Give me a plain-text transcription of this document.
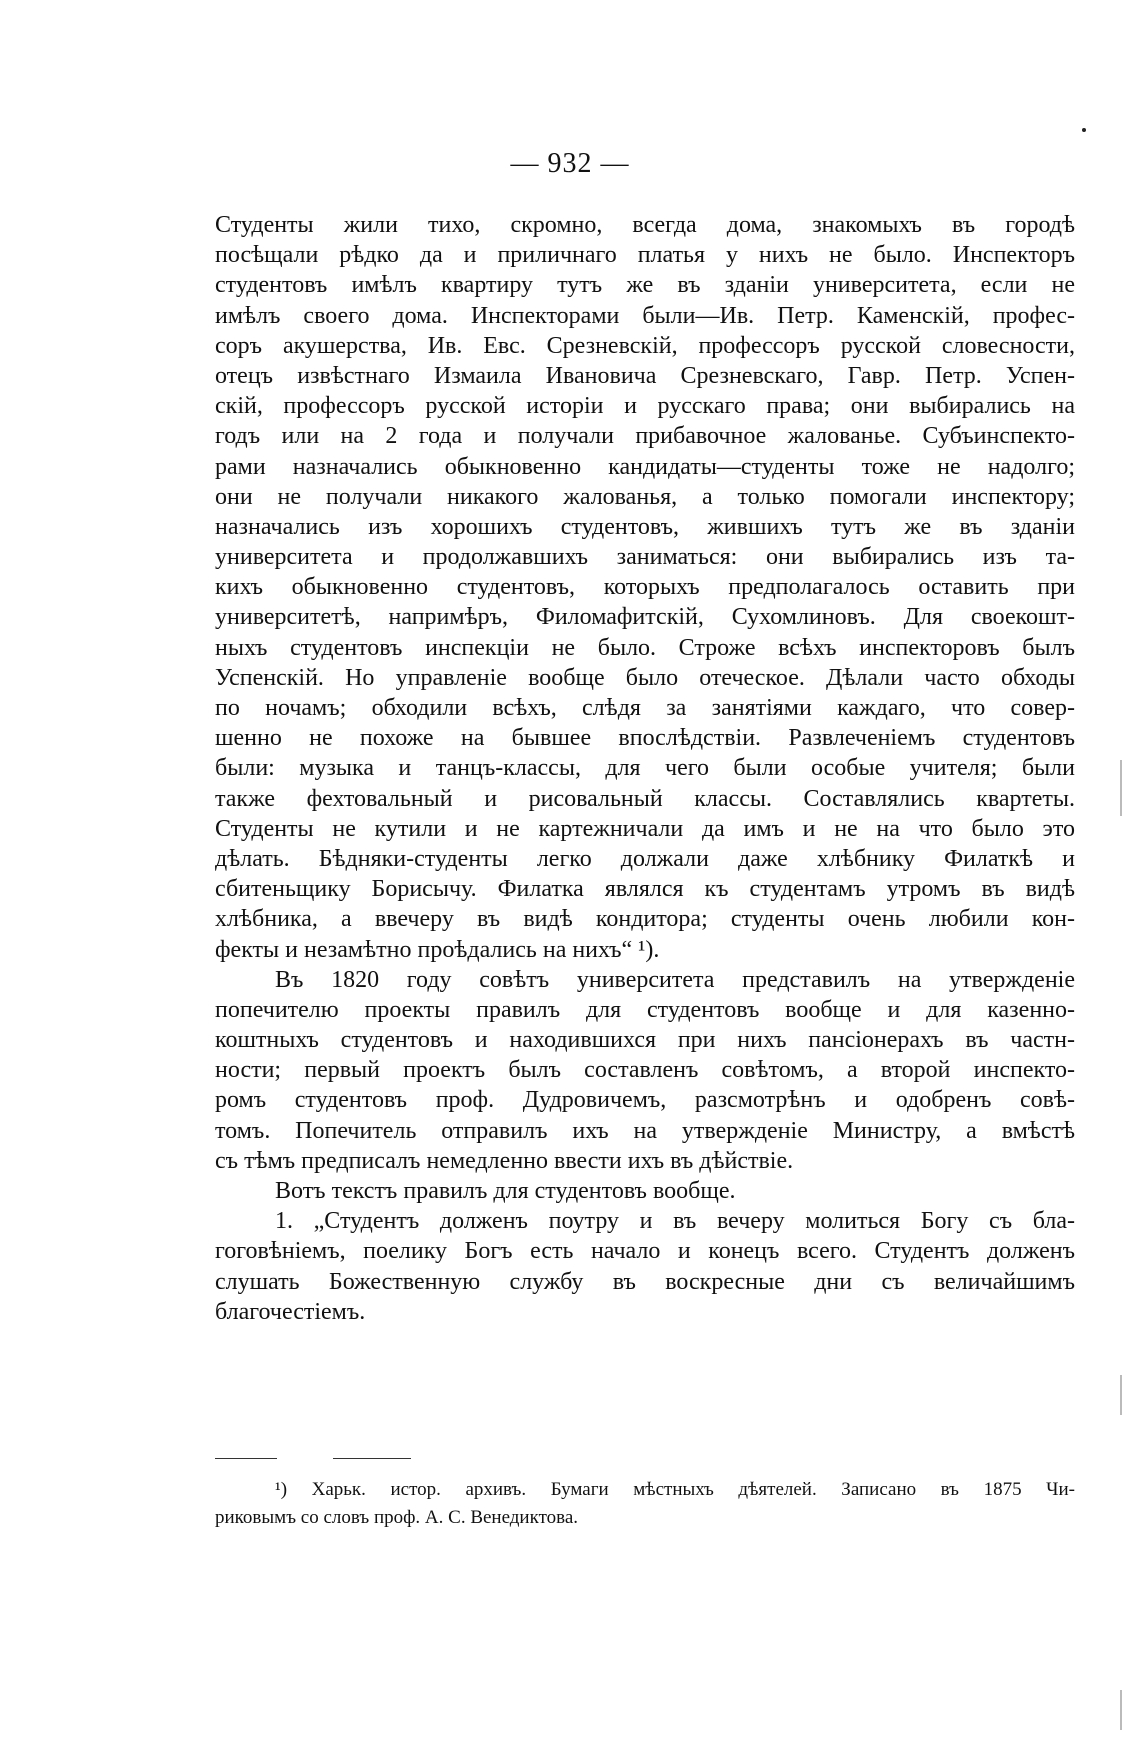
— 932 —
Студенты жили тихо, скромно, всегда дома, знакомыхъ въ городѣ
посѣщали рѣдко да и приличнаго платья у нихъ не было. Инспекторъ
студентовъ имѣлъ квартиру тутъ же въ зданіи университета, если не
имѣлъ своего дома. Инспекторами были—Ив. Петр. Каменскій, профес-
соръ акушерства, Ив. Евс. Срезневскій, профессоръ русской словесности,
отецъ извѣстнаго Измаила Ивановича Срезневскаго, Гавр. Петр. Успен-
скій, профессоръ русской исторіи и русскаго права; они выбирались на
годъ или на 2 года и получали прибавочное жалованье. Субъинспекто-
рами назначались обыкновенно кандидаты—студенты тоже не надолго;
они не получали никакого жалованья, а только помогали инспектору;
назначались изъ хорошихъ студентовъ, жившихъ тутъ же въ зданіи
университета и продолжавшихъ заниматься: они выбирались изъ та-
кихъ обыкновенно студентовъ, которыхъ предполагалось оставить при
университетѣ, напримѣръ, Филомафитскій, Сухомлиновъ. Для своекошт-
ныхъ студентовъ инспекціи не было. Строже всѣхъ инспекторовъ былъ
Успенскій. Но управленіе вообще было отеческое. Дѣлали часто обходы
по ночамъ; обходили всѣхъ, слѣдя за занятіями каждаго, что совер-
шенно не похоже на бывшее впослѣдствіи. Развлеченіемъ студентовъ
были: музыка и танцъ-классы, для чего были особые учителя; были
также фехтовальный и рисовальный классы. Составлялись квартеты.
Студенты не кутили и не картежничали да имъ и не на что было это
дѣлать. Бѣдняки-студенты легко должали даже хлѣбнику Филаткѣ и
сбитеньщику Борисычу. Филатка являлся къ студентамъ утромъ въ видѣ
хлѣбника, а ввечеру въ видѣ кондитора; студенты очень любили кон-
фекты и незамѣтно проѣдались на нихъ“ ¹).
Въ 1820 году совѣтъ университета представилъ на утвержденіе
попечителю проекты правилъ для студентовъ вообще и для казенно-
коштныхъ студентовъ и находившихся при нихъ пансіонерахъ въ частн-
ности; первый проектъ былъ составленъ совѣтомъ, а второй инспекто-
ромъ студентовъ проф. Дудровичемъ, разсмотрѣнъ и одобренъ совѣ-
томъ. Попечитель отправилъ ихъ на утвержденіе Министру, а вмѣстѣ
съ тѣмъ предписалъ немедленно ввести ихъ въ дѣйствіе.
Вотъ текстъ правилъ для студентовъ вообще.
1. „Студентъ долженъ поутру и въ вечеру молиться Богу съ бла-
гоговѣніемъ, поелику Богъ есть начало и конецъ всего. Студентъ долженъ
слушать Божественную службу въ воскресные дни съ величайшимъ
благочестіемъ.
¹) Харьк. истор. архивъ. Бумаги мѣстныхъ дѣятелей. Записано въ 1875 Чи-
риковымъ со словъ проф. А. С. Венедиктова.
